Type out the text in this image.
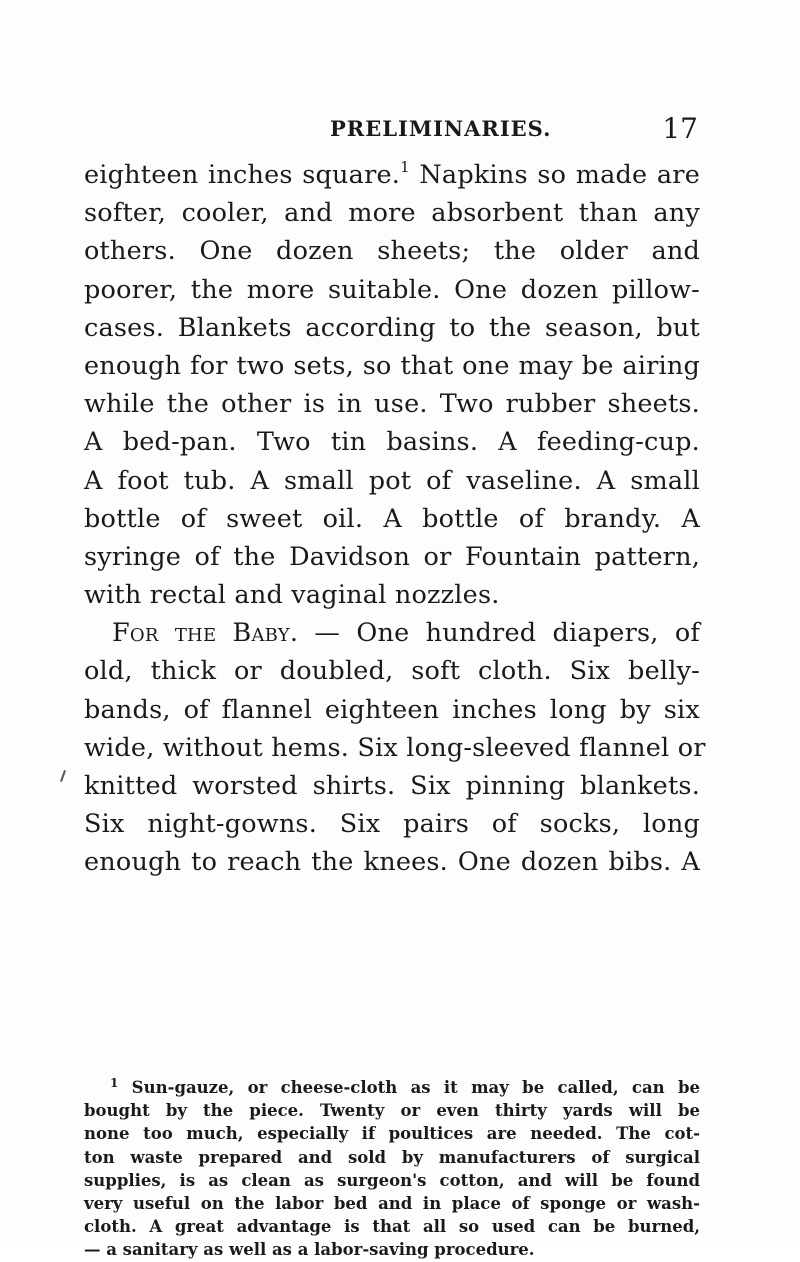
PRELIMINARIES.	17
eighteen inches square.$^1$ Napkins so made are
softer, cooler, and more absorbent than any
others. One dozen sheets; the older and
poorer, the more suitable. One dozen pillow-
cases. Blankets according to the season, but
enough for two sets, so that one may be airing
while the other is in use. Two rubber sheets.
A bed-pan. Two tin basins. A feeding-cup.
A foot tub. A small pot of vaseline. A small
bottle of sweet oil. A bottle of brandy. A
syringe of the Davidson or Fountain pattern,
with rectal and vaginal nozzles.
For the Baby. — One hundred diapers, of
old, thick or doubled, soft cloth. Six belly-
bands, of flannel eighteen inches long by six
wide, without hems. Six long-sleeved flannel or
knitted worsted shirts. Six pinning blankets.
Six night-gowns. Six pairs of socks, long
enough to reach the knees. One dozen bibs. A
$^1$ Sun-gauze, or cheese-cloth as it may be called, can be
bought by the piece. Twenty or even thirty yards will be
none too much, especially if poultices are needed. The cot-
ton waste prepared and sold by manufacturers of surgical
supplies, is as clean as surgeon's cotton, and will be found
very useful on the labor bed and in place of sponge or wash-
cloth. A great advantage is that all so used can be burned,
— a sanitary as well as a labor-saving procedure.
